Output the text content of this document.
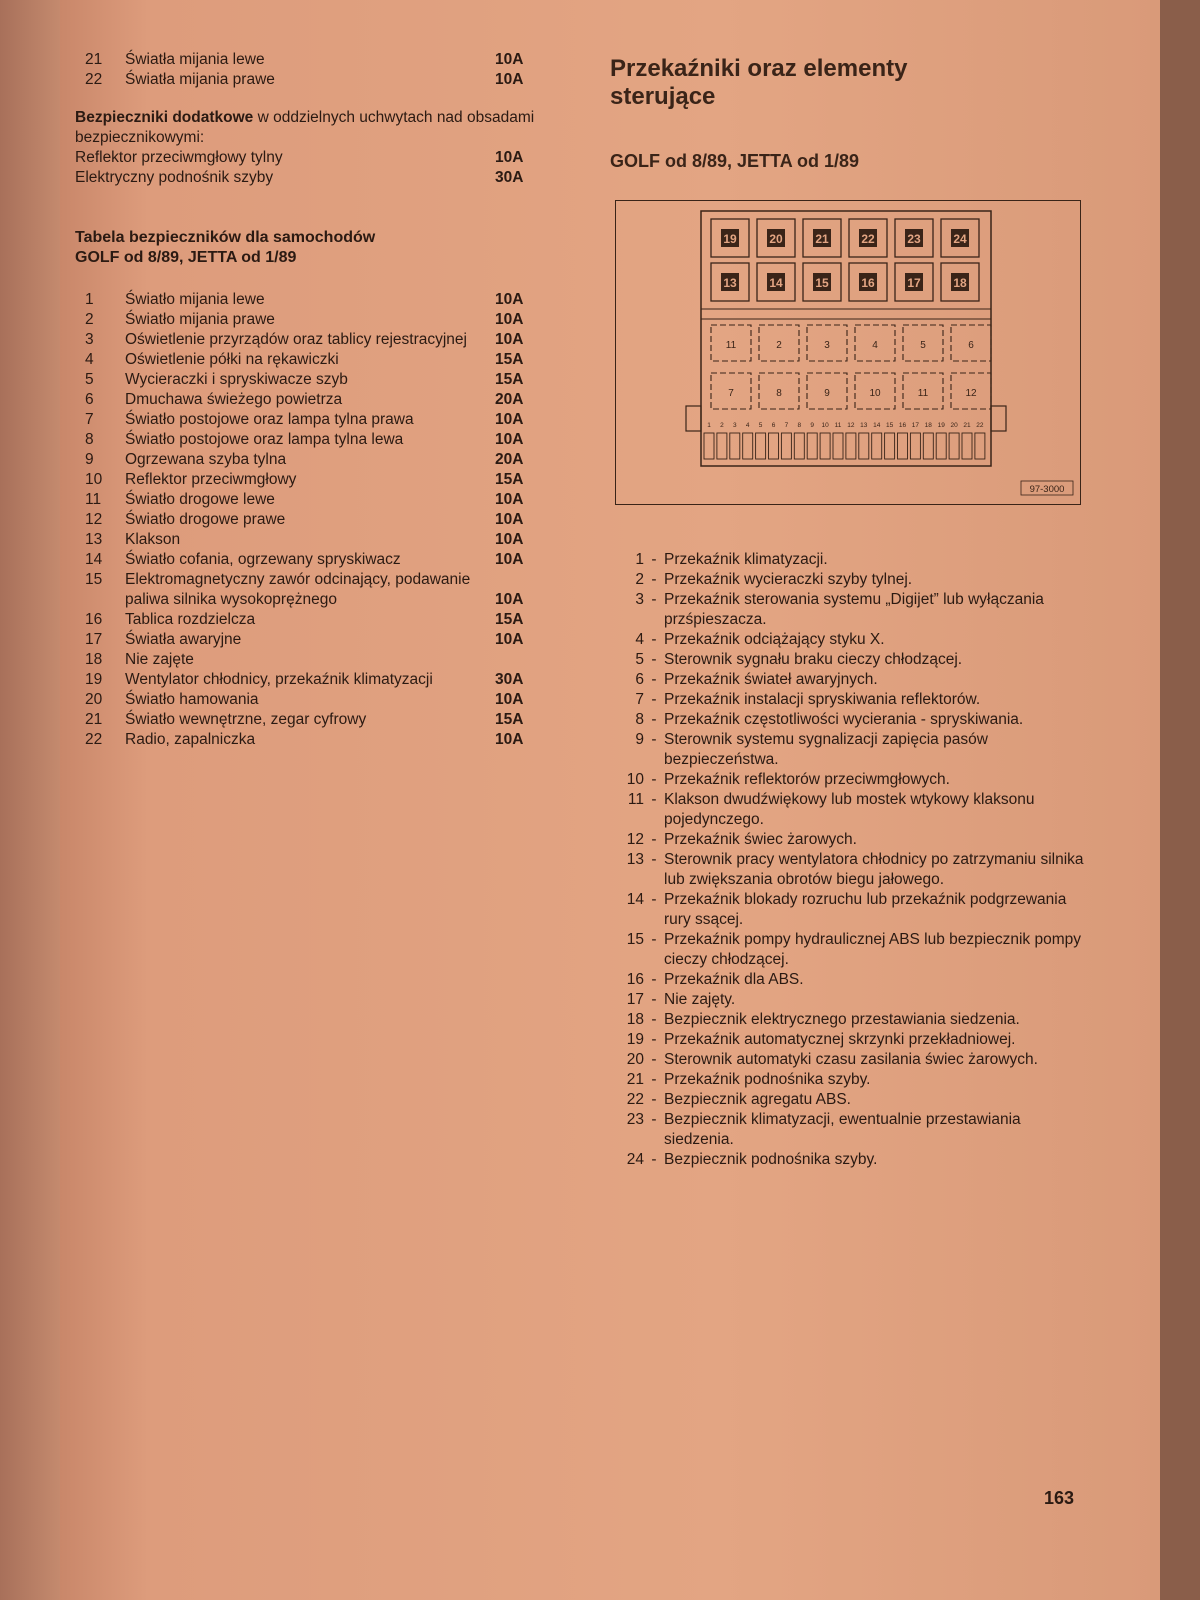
21	Światła mijania lewe	10A
22	Światła mijania prawe	10A
Bezpieczniki dodatkowe w oddzielnych uchwytach nad obsadami bezpiecznikowymi:
Reflektor przeciwmgłowy tylny	10A
Elektryczny podnośnik szyby	30A
Tabela bezpieczników dla samochodów
GOLF od 8/89, JETTA od 1/89
1	Światło mijania lewe	10A
2	Światło mijania prawe	10A
3	Oświetlenie przyrządów oraz tablicy rejestracyjnej	10A
4	Oświetlenie półki na rękawiczki	15A
5	Wycieraczki i spryskiwacze szyb	15A
6	Dmuchawa świeżego powietrza	20A
7	Światło postojowe oraz lampa tylna prawa	10A
8	Światło postojowe oraz lampa tylna lewa	10A
9	Ogrzewana szyba tylna	20A
10	Reflektor przeciwmgłowy	15A
11	Światło drogowe lewe	10A
12	Światło drogowe prawe	10A
13	Klakson	10A
14	Światło cofania, ogrzewany spryskiwacz	10A
15	Elektromagnetyczny zawór odcinający, podawanie paliwa silnika wysokoprężnego	10A
16	Tablica rozdzielcza	15A
17	Światła awaryjne	10A
18	Nie zajęte
19	Wentylator chłodnicy, przekaźnik klimatyzacji	30A
20	Światło hamowania	10A
21	Światło wewnętrzne, zegar cyfrowy	15A
22	Radio, zapalniczka	10A
Przekaźniki oraz elementy sterujące
GOLF od 8/89, JETTA od 1/89
19	20	21	22	23	24
13	14	15	16	17	18
11	2	3	4	5	6
7	8	9	10	11	12
1 2 3 4 5 6 7 8 9 10 11 12 13 14 15 16 17 18 19 20 21 22
97-3000
1 - Przekaźnik klimatyzacji.
2 - Przekaźnik wycieraczki szyby tylnej.
3 - Przekaźnik sterowania systemu „Digijet” lub wyłączania przśpieszacza.
4 - Przekaźnik odciążający styku X.
5 - Sterownik sygnału braku cieczy chłodzącej.
6 - Przekaźnik świateł awaryjnych.
7 - Przekaźnik instalacji spryskiwania reflektorów.
8 - Przekaźnik częstotliwości wycierania - spryskiwania.
9 - Sterownik systemu sygnalizacji zapięcia pasów bezpieczeństwa.
10 - Przekaźnik reflektorów przeciwmgłowych.
11 - Klakson dwudźwiękowy lub mostek wtykowy klaksonu pojedynczego.
12 - Przekaźnik świec żarowych.
13 - Sterownik pracy wentylatora chłodnicy po zatrzymaniu silnika lub zwiększania obrotów biegu jałowego.
14 - Przekaźnik blokady rozruchu lub przekaźnik podgrzewania rury ssącej.
15 - Przekaźnik pompy hydraulicznej ABS lub bezpiecznik pompy cieczy chłodzącej.
16 - Przekaźnik dla ABS.
17 - Nie zajęty.
18 - Bezpiecznik elektrycznego przestawiania siedzenia.
19 - Przekaźnik automatycznej skrzynki przekładniowej.
20 - Sterownik automatyki czasu zasilania świec żarowych.
21 - Przekaźnik podnośnika szyby.
22 - Bezpiecznik agregatu ABS.
23 - Bezpiecznik klimatyzacji, ewentualnie przestawiania siedzenia.
24 - Bezpiecznik podnośnika szyby.
163
